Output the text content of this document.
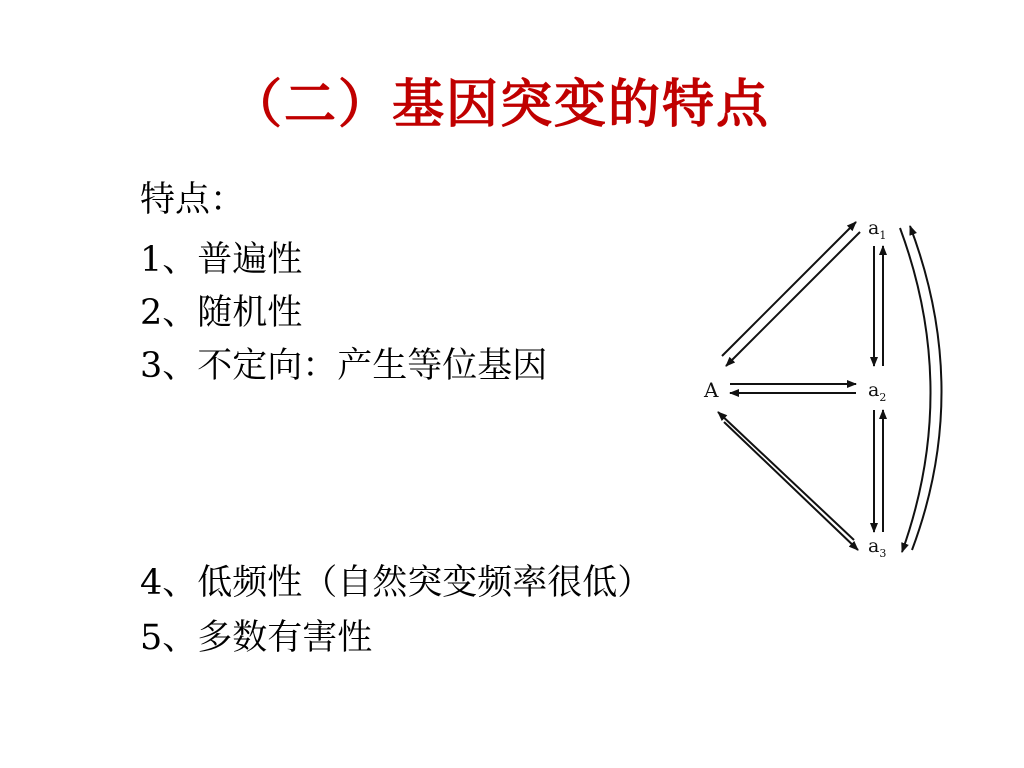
（二）基因突变的特点
特点：
1、普遍性
2、随机性
3、不定向：产生等位基因
4、低频性（自然突变频率很低）
5、多数有害性
A
$a_1$
$a_2$
$a_3$
